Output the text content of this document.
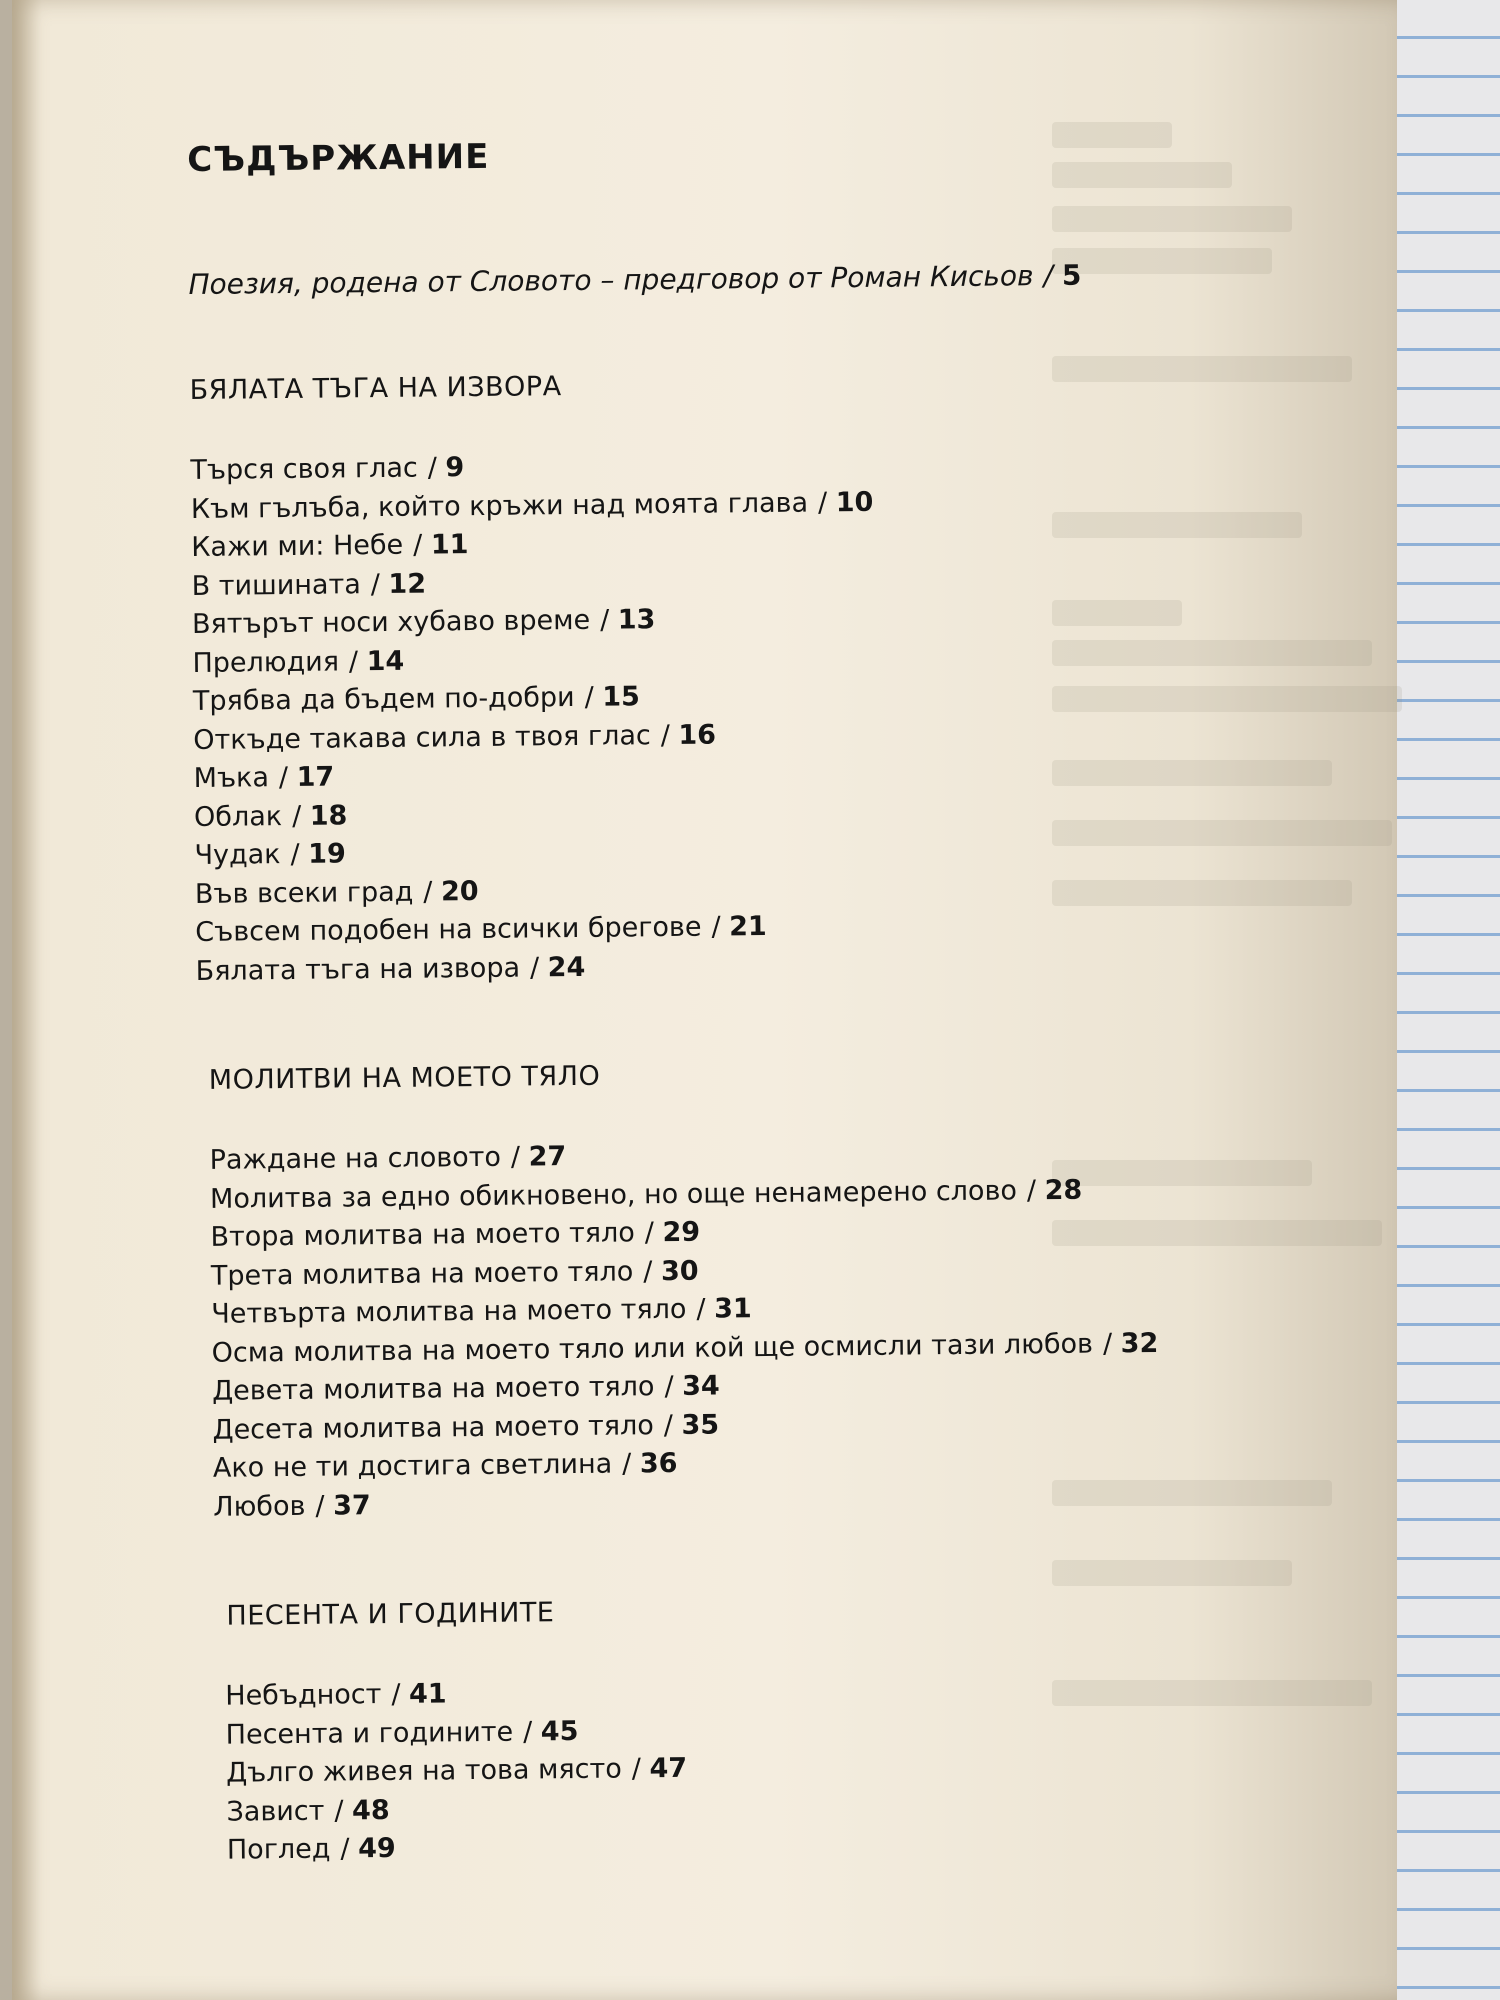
СЪДЪРЖАНИЕ
Поезия, родена от Словото – предговор от Роман Кисьов / 5
БЯЛАТА ТЪГА НА ИЗВОРА
Търся своя глас / 9
Към гълъба, който кръжи над моята глава / 10
Кажи ми: Небе / 11
В тишината / 12
Вятърът носи хубаво време / 13
Прелюдия / 14
Трябва да бъдем по-добри / 15
Откъде такава сила в твоя глас / 16
Мъка / 17
Облак / 18
Чудак / 19
Във всеки град / 20
Съвсем подобен на всички брегове / 21
Бялата тъга на извора / 24
МОЛИТВИ НА МОЕТО ТЯЛО
Раждане на словото / 27
Молитва за едно обикновено, но още ненамерено слово / 28
Втора молитва на моето тяло / 29
Трета молитва на моето тяло / 30
Четвърта молитва на моето тяло / 31
Осма молитва на моето тяло или кой ще осмисли тази любов / 32
Девета молитва на моето тяло / 34
Десета молитва на моето тяло / 35
Ако не ти достига светлина / 36
Любов / 37
ПЕСЕНТА И ГОДИНИТЕ
Небъдност / 41
Песента и годините / 45
Дълго живея на това място / 47
Завист / 48
Поглед / 49
